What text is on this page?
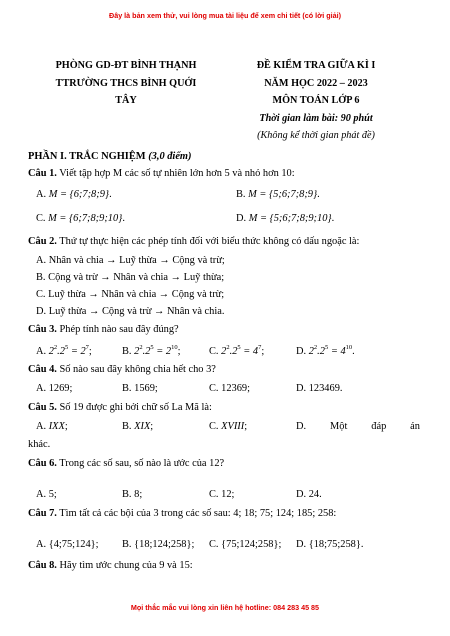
Đây là bản xem thử, vui lòng mua tài liệu để xem chi tiết (có lời giải)
PHÒNG GD-ĐT BÌNH THẠNH
TTRƯỜNG THCS BÌNH QUỚI
TÂY
ĐỀ KIỂM TRA GIỮA KÌ I
NĂM HỌC 2022 – 2023
MÔN TOÁN LỚP 6
Thời gian làm bài: 90 phút
(Không kể thời gian phát đề)
PHẦN I. TRẮC NGHIỆM (3,0 điểm)
Câu 1. Viết tập hợp M các số tự nhiên lớn hơn 5 và nhỏ hơn 10:
A. M = {6;7;8;9}.	B. M = {5;6;7;8;9}.
C. M = {6;7;8;9;10}.	D. M = {5;6;7;8;9;10}.
Câu 2. Thứ tự thực hiện các phép tính đối với biểu thức không có dấu ngoặc là:
A. Nhân và chia → Luỹ thừa → Cộng và trừ;
B. Cộng và trừ → Nhân và chia → Luỹ thừa;
C. Luỹ thừa → Nhân và chia → Cộng và trừ;
D. Luỹ thừa → Cộng và trừ → Nhân và chia.
Câu 3. Phép tính nào sau đây đúng?
A. $2^2.2^5 = 2^7$;	B. $2^2.2^5 = 2^{10}$;	C. $2^2.2^5 = 4^7$;	D. $2^2.2^5 = 4^{10}$.
Câu 4. Số nào sau đây không chia hết cho 3?
A. 1269;	B. 1569;	C. 12369;	D. 123469.
Câu 5. Số 19 được ghi bởi chữ số La Mã là:
A. IXX;	B. XIX;	C. XVIII;	D. Một đáp án
khác.
Câu 6. Trong các số sau, số nào là ước của 12?
A. 5;	B. 8;	C. 12;	D. 24.
Câu 7. Tìm tất cả các bội của 3 trong các số sau: 4; 18; 75; 124; 185; 258:
A. {4;75;124}; B. {18;124;258}; C. {75;124;258}; D. {18;75;258}.
Câu 8. Hãy tìm ước chung của 9 và 15:
Mọi thắc mắc vui lòng xin liên hệ hotline: 084 283 45 85
